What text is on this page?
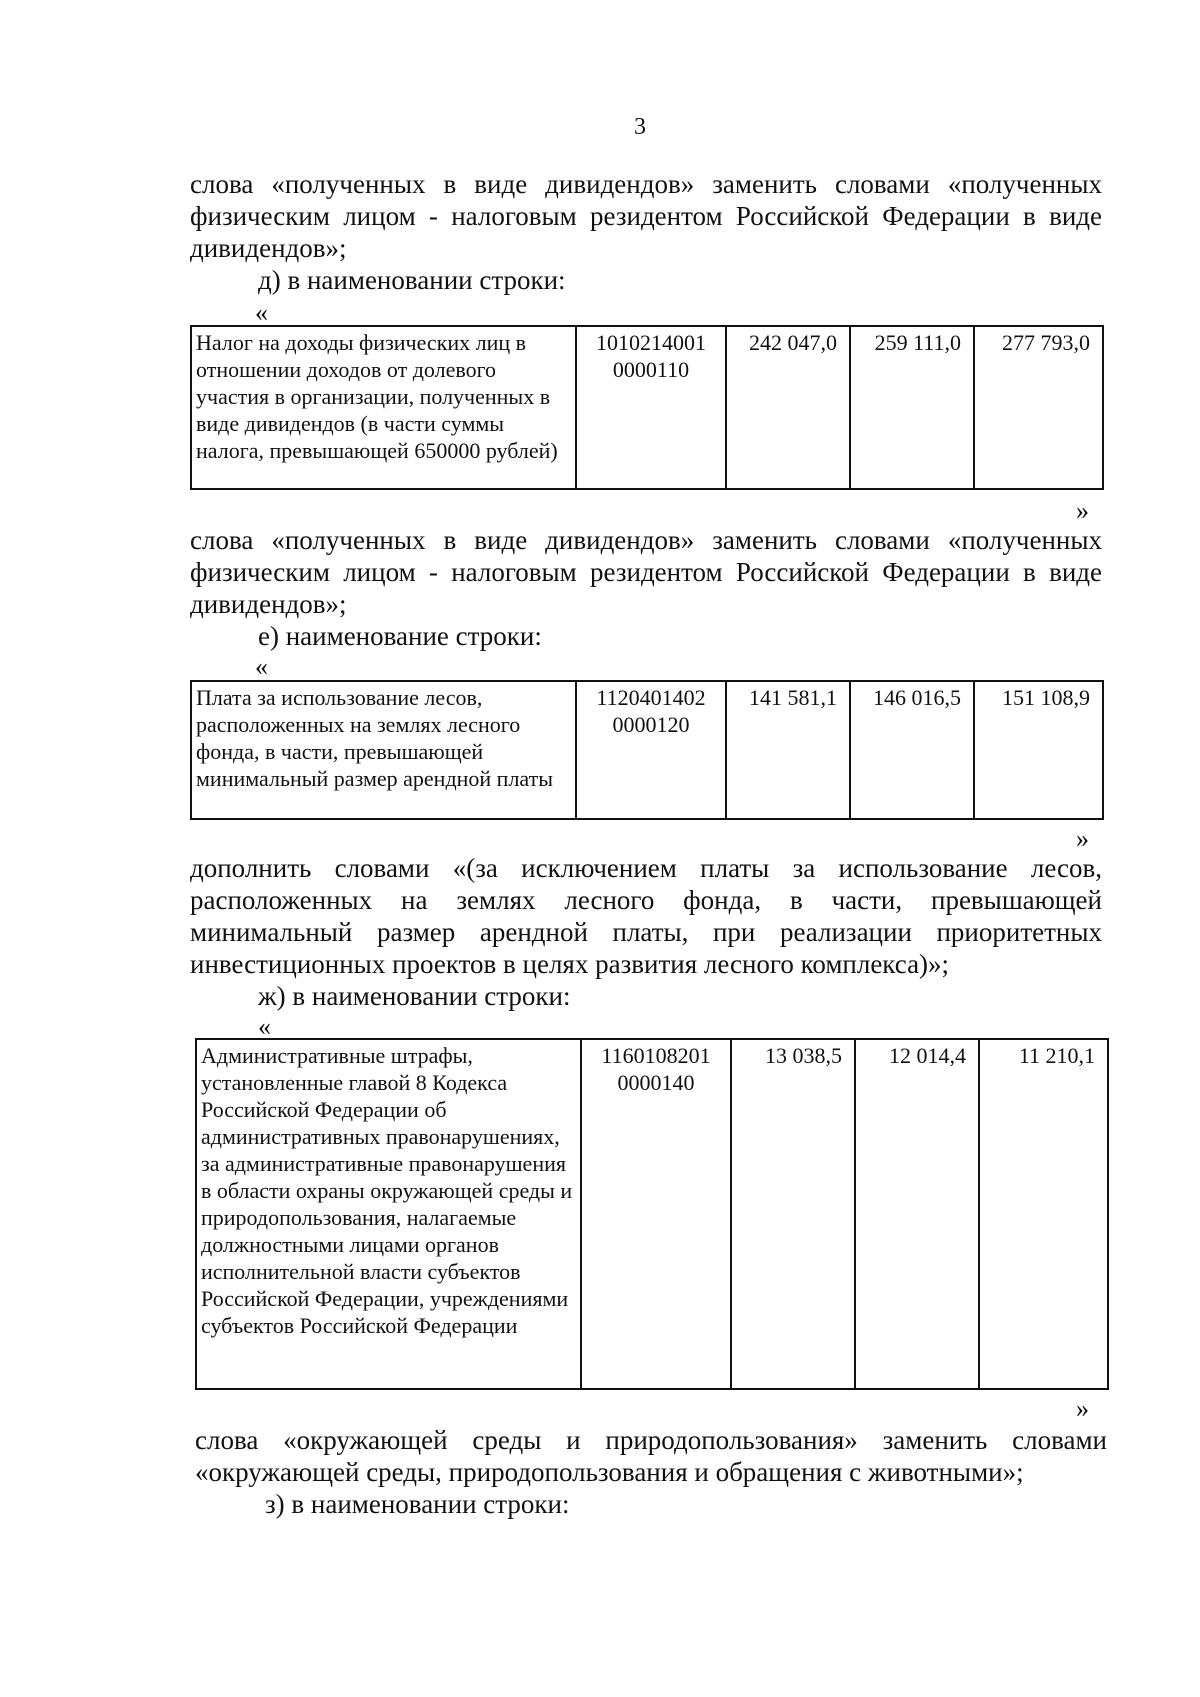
3

слова «полученных в виде дивидендов» заменить словами «полученных физическим лицом - налоговым резидентом Российской Федерации в виде дивидендов»;

д) в наименовании строки:
«
Налог на доходы физических лиц в отношении доходов от долевого участия в организации, полученных в виде дивидендов (в части суммы налога, превышающей 650000 рублей)	1010214001 0000110	242 047,0	259 111,0	277 793,0
»

слова «полученных в виде дивидендов» заменить словами «полученных физическим лицом - налоговым резидентом Российской Федерации в виде дивидендов»;

е) наименование строки:
«
Плата за использование лесов, расположенных на землях лесного фонда, в части, превышающей минимальный размер арендной платы	1120401402 0000120	141 581,1	146 016,5	151 108,9
»

дополнить словами «(за исключением платы за использование лесов, расположенных на землях лесного фонда, в части, превышающей минимальный размер арендной платы, при реализации приоритетных инвестиционных проектов в целях развития лесного комплекса)»;

ж) в наименовании строки:
«
Административные штрафы, установленные главой 8 Кодекса Российской Федерации об административных правонарушениях, за административные правонарушения в области охраны окружающей среды и природопользования, налагаемые должностными лицами органов исполнительной власти субъектов Российской Федерации, учреждениями субъектов Российской Федерации	1160108201 0000140	13 038,5	12 014,4	11 210,1
»

слова «окружающей среды и природопользования» заменить словами «окружающей среды, природопользования и обращения с животными»;

з) в наименовании строки:
